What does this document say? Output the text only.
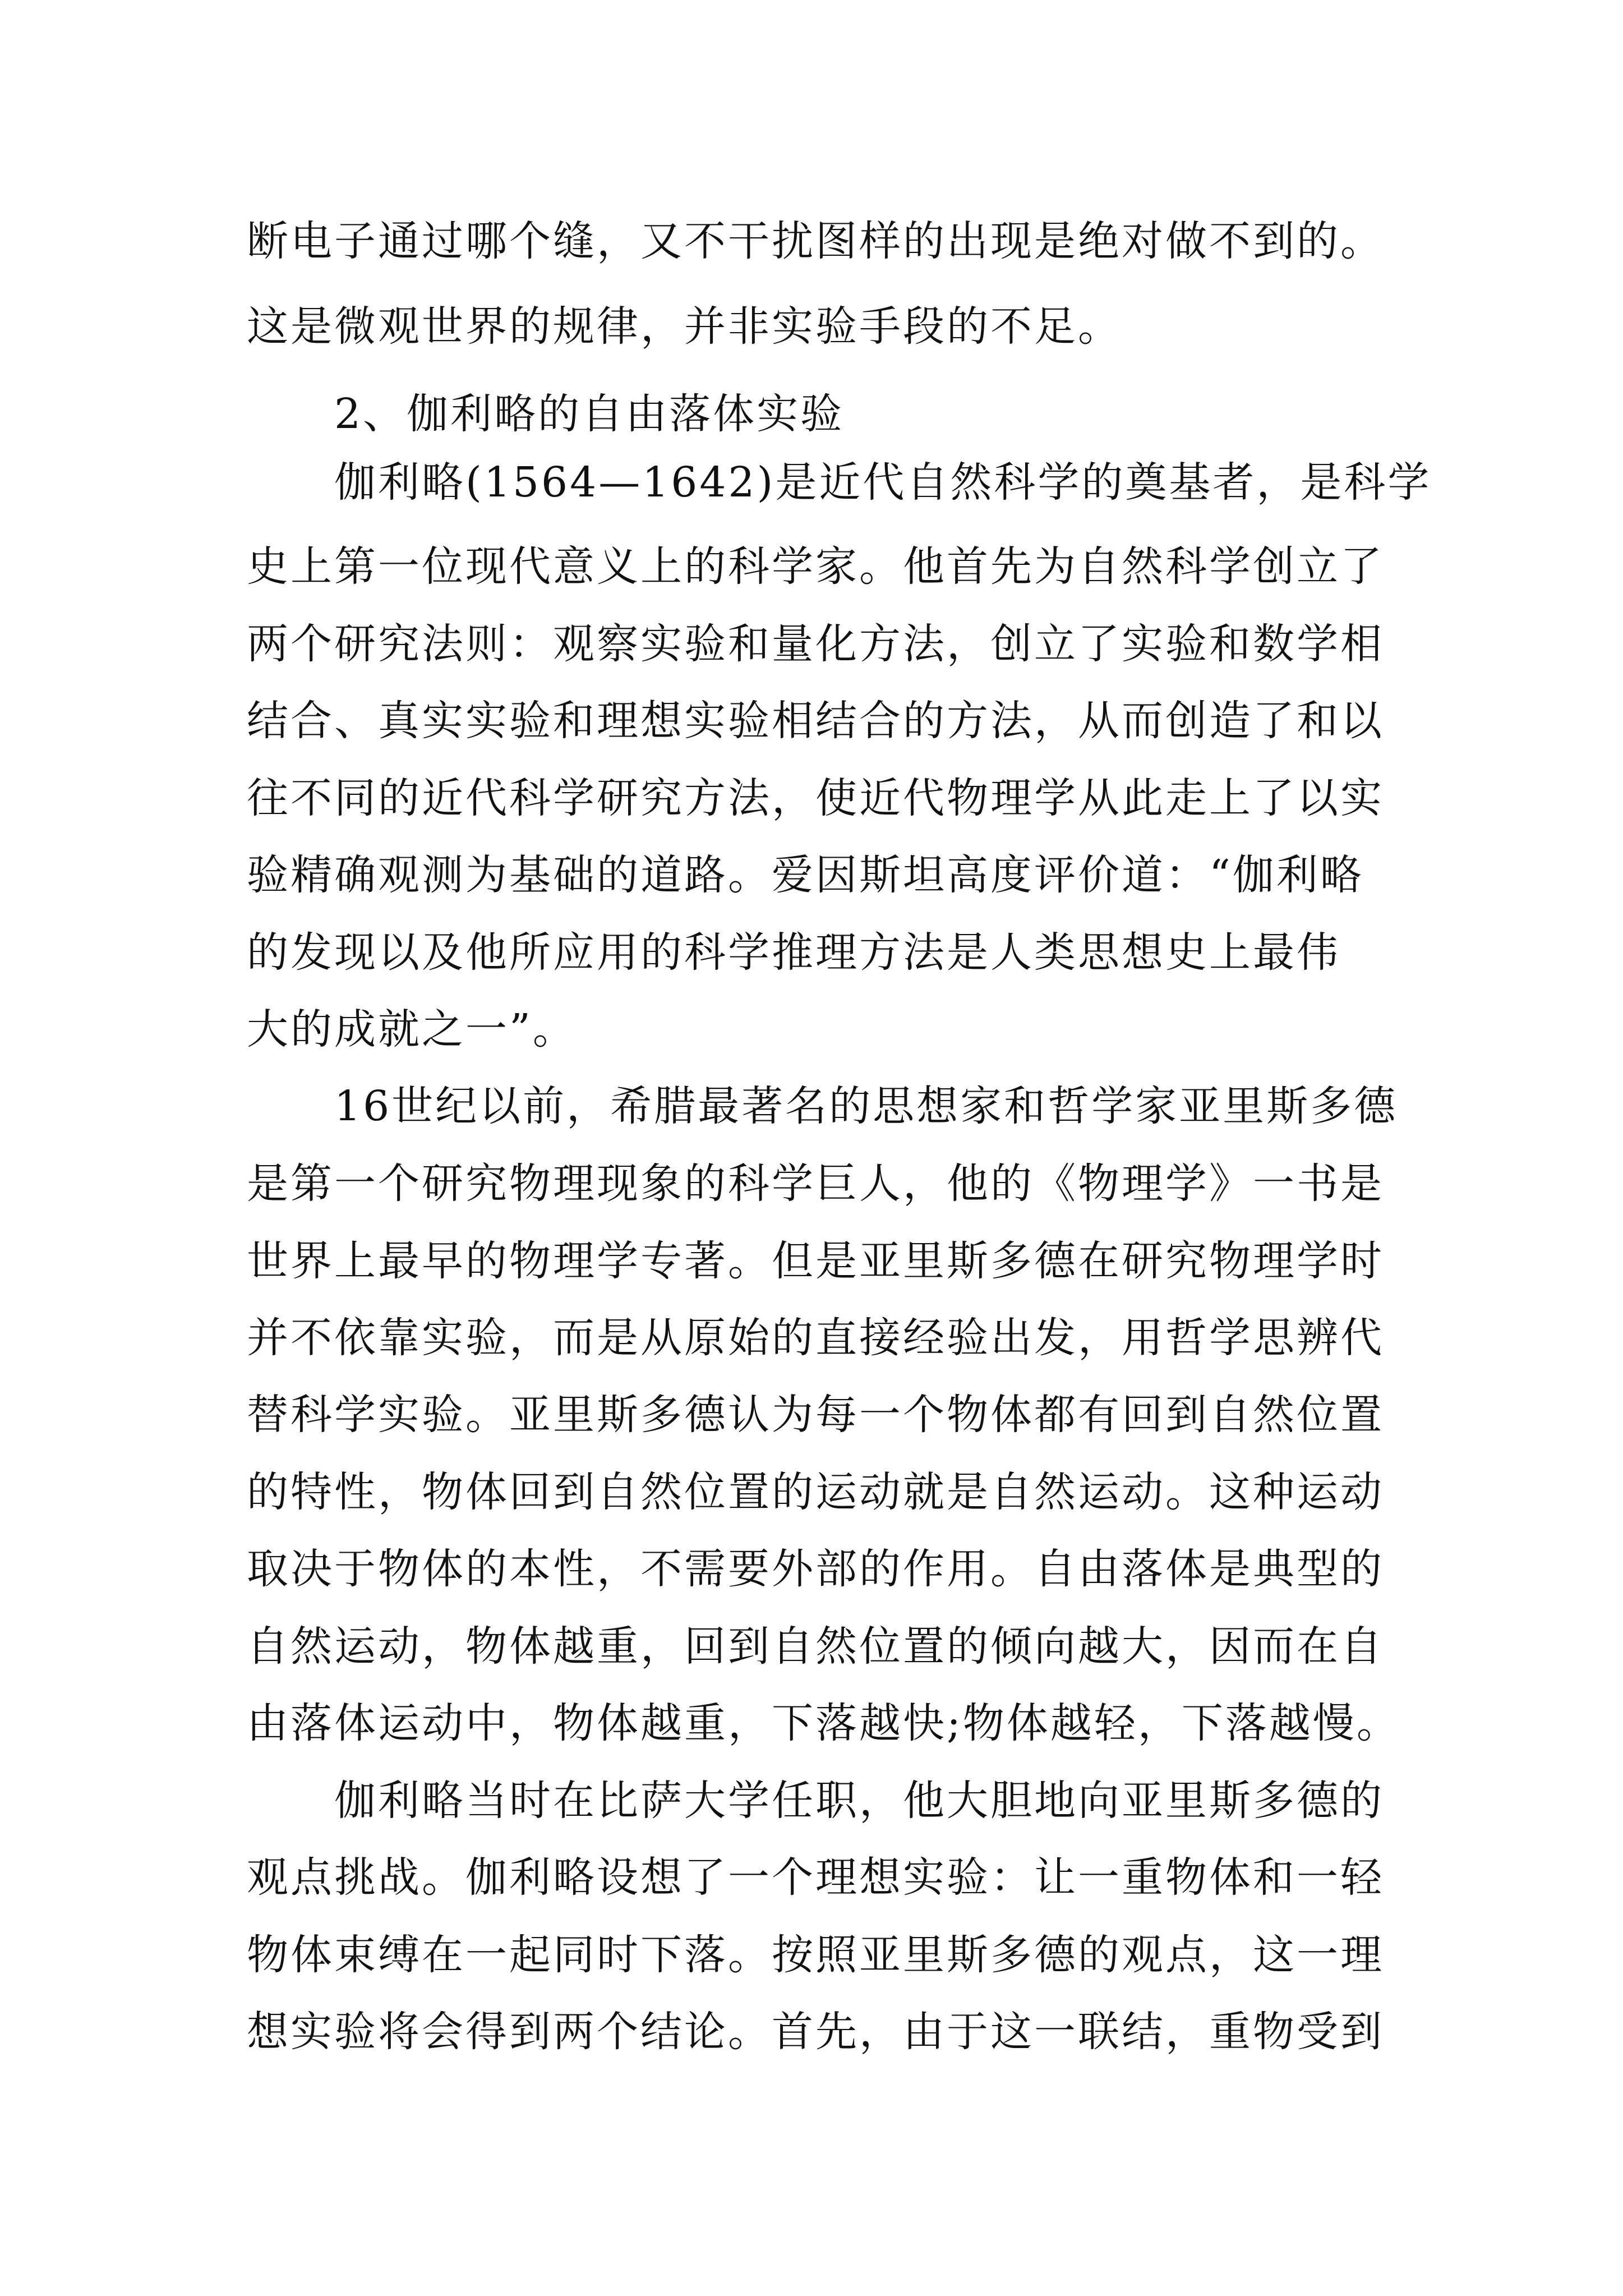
断电子通过哪个缝，又不干扰图样的出现是绝对做不到的。
这是微观世界的规律，并非实验手段的不足。
2、伽利略的自由落体实验
伽利略(1564—1642)是近代自然科学的奠基者，是科学
史上第一位现代意义上的科学家。他首先为自然科学创立了
两个研究法则：观察实验和量化方法，创立了实验和数学相
结合、真实实验和理想实验相结合的方法，从而创造了和以
往不同的近代科学研究方法，使近代物理学从此走上了以实
验精确观测为基础的道路。爱因斯坦高度评价道：“伽利略
的发现以及他所应用的科学推理方法是人类思想史上最伟
大的成就之一”。
16世纪以前，希腊最著名的思想家和哲学家亚里斯多德
是第一个研究物理现象的科学巨人，他的《物理学》一书是
世界上最早的物理学专著。但是亚里斯多德在研究物理学时
并不依靠实验，而是从原始的直接经验出发，用哲学思辨代
替科学实验。亚里斯多德认为每一个物体都有回到自然位置
的特性，物体回到自然位置的运动就是自然运动。这种运动
取决于物体的本性，不需要外部的作用。自由落体是典型的
自然运动，物体越重，回到自然位置的倾向越大，因而在自
由落体运动中，物体越重，下落越快;物体越轻，下落越慢。
伽利略当时在比萨大学任职，他大胆地向亚里斯多德的
观点挑战。伽利略设想了一个理想实验：让一重物体和一轻
物体束缚在一起同时下落。按照亚里斯多德的观点，这一理
想实验将会得到两个结论。首先，由于这一联结，重物受到
